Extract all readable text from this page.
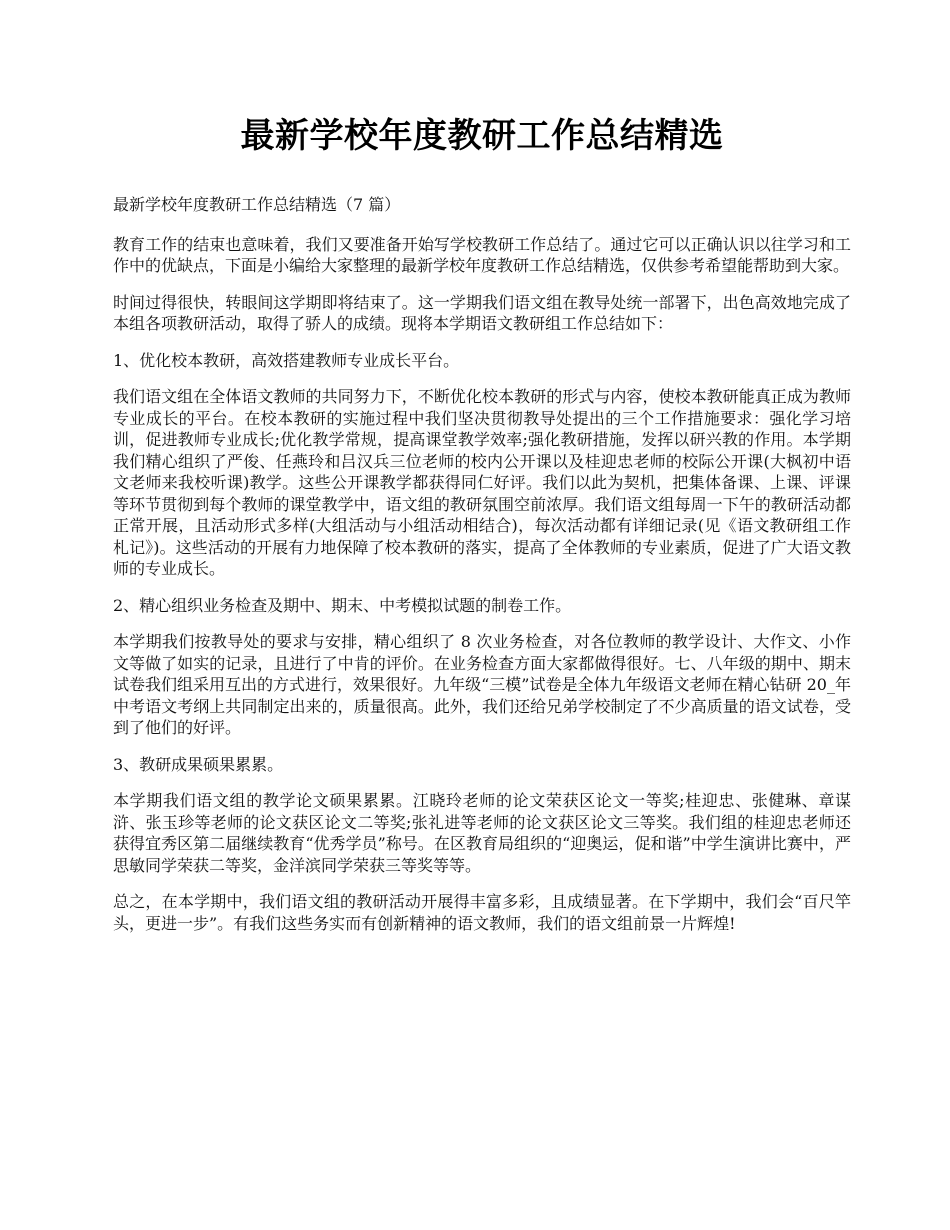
最新学校年度教研工作总结精选

最新学校年度教研工作总结精选（7 篇）

教育工作的结束也意味着，我们又要准备开始写学校教研工作总结了。通过它可以正确认识以往学习和工作中的优缺点，下面是小编给大家整理的最新学校年度教研工作总结精选，仅供参考希望能帮助到大家。

时间过得很快，转眼间这学期即将结束了。这一学期我们语文组在教导处统一部署下，出色高效地完成了本组各项教研活动，取得了骄人的成绩。现将本学期语文教研组工作总结如下：

1、优化校本教研，高效搭建教师专业成长平台。

我们语文组在全体语文教师的共同努力下，不断优化校本教研的形式与内容，使校本教研能真正成为教师专业成长的平台。在校本教研的实施过程中我们坚决贯彻教导处提出的三个工作措施要求：强化学习培训，促进教师专业成长;优化教学常规，提高课堂教学效率;强化教研措施，发挥以研兴教的作用。本学期我们精心组织了严俊、任燕玲和吕汉兵三位老师的校内公开课以及桂迎忠老师的校际公开课(大枫初中语文老师来我校听课)教学。这些公开课教学都获得同仁好评。我们以此为契机，把集体备课、上课、评课等环节贯彻到每个教师的课堂教学中，语文组的教研氛围空前浓厚。我们语文组每周一下午的教研活动都正常开展，且活动形式多样(大组活动与小组活动相结合)，每次活动都有详细记录(见《语文教研组工作札记》)。这些活动的开展有力地保障了校本教研的落实，提高了全体教师的专业素质，促进了广大语文教师的专业成长。

2、精心组织业务检查及期中、期末、中考模拟试题的制卷工作。

本学期我们按教导处的要求与安排，精心组织了 8 次业务检查，对各位教师的教学设计、大作文、小作文等做了如实的记录，且进行了中肯的评价。在业务检查方面大家都做得很好。七、八年级的期中、期末试卷我们组采用互出的方式进行，效果很好。九年级“三模”试卷是全体九年级语文老师在精心钻研 20_年中考语文考纲上共同制定出来的，质量很高。此外，我们还给兄弟学校制定了不少高质量的语文试卷，受到了他们的好评。

3、教研成果硕果累累。

本学期我们语文组的教学论文硕果累累。江晓玲老师的论文荣获区论文一等奖;桂迎忠、张健琳、章谋浒、张玉珍等老师的论文获区论文二等奖;张礼进等老师的论文获区论文三等奖。我们组的桂迎忠老师还获得宜秀区第二届继续教育“优秀学员”称号。在区教育局组织的“迎奥运，促和谐”中学生演讲比赛中，严思敏同学荣获二等奖，金洋滨同学荣获三等奖等等。

总之，在本学期中，我们语文组的教研活动开展得丰富多彩，且成绩显著。在下学期中，我们会“百尺竿头，更进一步”。有我们这些务实而有创新精神的语文教师，我们的语文组前景一片辉煌!
